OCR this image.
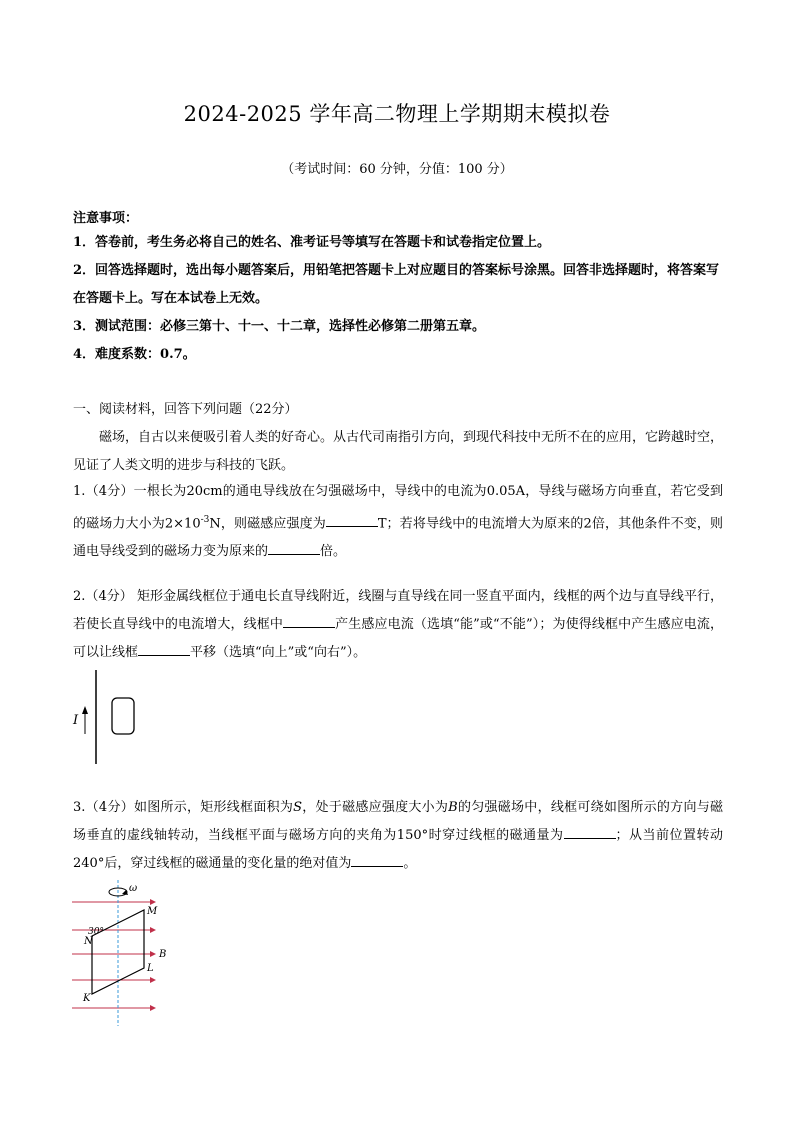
2024-2025 学年高二物理上学期期末模拟卷
（考试时间：60 分钟，分值：100 分）
注意事项：
1．答卷前，考生务必将自己的姓名、准考证号等填写在答题卡和试卷指定位置上。
2．回答选择题时，选出每小题答案后，用铅笔把答题卡上对应题目的答案标号涂黑。回答非选择题时，将答案写在答题卡上。写在本试卷上无效。
3．测试范围：必修三第十、十一、十二章，选择性必修第二册第五章。
4．难度系数：0.7。
一、阅读材料，回答下列问题（22分）
磁场，自古以来便吸引着人类的好奇心。从古代司南指引方向，到现代科技中无所不在的应用，它跨越时空，见证了人类文明的进步与科技的飞跃。
1.（4分）一根长为20cm的通电导线放在匀强磁场中，导线中的电流为0.05A，导线与磁场方向垂直，若它受到的磁场力大小为$2\times 10^{-3}N$，则磁感应强度为	T；若将导线中的电流增大为原来的2倍，其他条件不变，则通电导线受到的磁场力变为原来的	倍。
2.（4分） 矩形金属线框位于通电长直导线附近，线圈与直导线在同一竖直平面内，线框的两个边与直导线平行，若使长直导线中的电流增大，线框中	产生感应电流（选填“能”或“不能”）；为使得线框中产生感应电流，可以让线框	平移（选填“向上”或“向右”）。
I
3.（4分）如图所示，矩形线框面积为S，处于磁感应强度大小为B的匀强磁场中，线框可绕如图所示的方向与磁场垂直的虚线轴转动，当线框平面与磁场方向的夹角为150°时穿过线框的磁通量为	；从当前位置转动240°后，穿过线框的磁通量的变化量的绝对值为	。
ω
30°
M
N
B
L
K
